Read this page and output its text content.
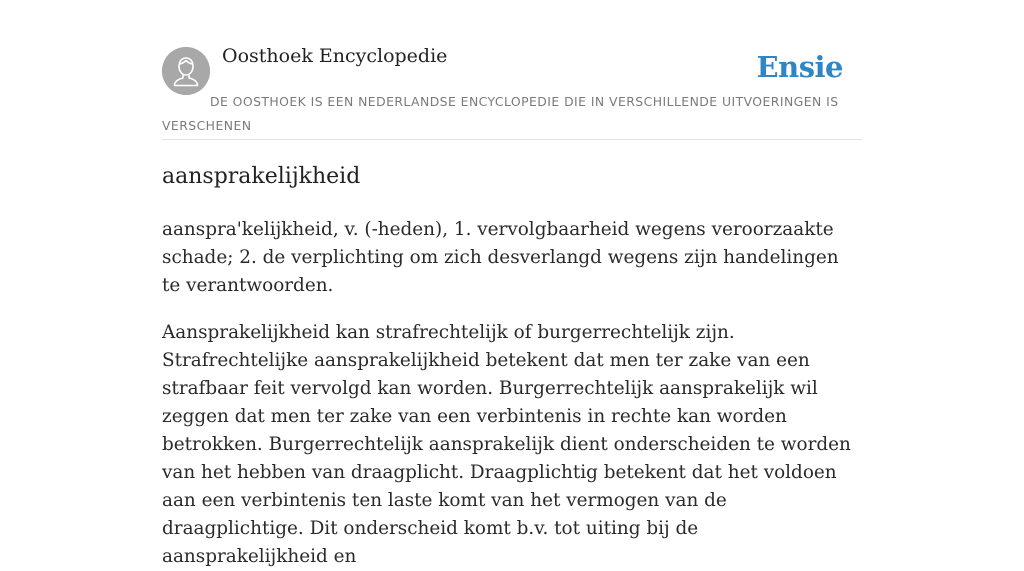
Oosthoek Encyclopedie	Ensie
DE OOSTHOEK IS EEN NEDERLANDSE ENCYCLOPEDIE DIE IN VERSCHILLENDE UITVOERINGEN IS VERSCHENEN
aansprakelijkheid

aanspra'kelijkheid, v. (-heden), 1. vervolgbaarheid wegens veroorzaakte schade; 2. de verplichting om zich desverlangd wegens zijn handelingen te verantwoorden.

Aansprakelijkheid kan strafrechtelijk of burgerrechtelijk zijn. Strafrechtelijke aansprakelijkheid betekent dat men ter zake van een strafbaar feit vervolgd kan worden. Burgerrechtelijk aansprakelijk wil zeggen dat men ter zake van een verbintenis in rechte kan worden betrokken. Burgerrechtelijk aansprakelijk dient onderscheiden te worden van het hebben van draagplicht. Draagplichtig betekent dat het voldoen aan een verbintenis ten laste komt van het vermogen van de draagplichtige. Dit onderscheid komt b.v. tot uiting bij de aansprakelijkheid en
